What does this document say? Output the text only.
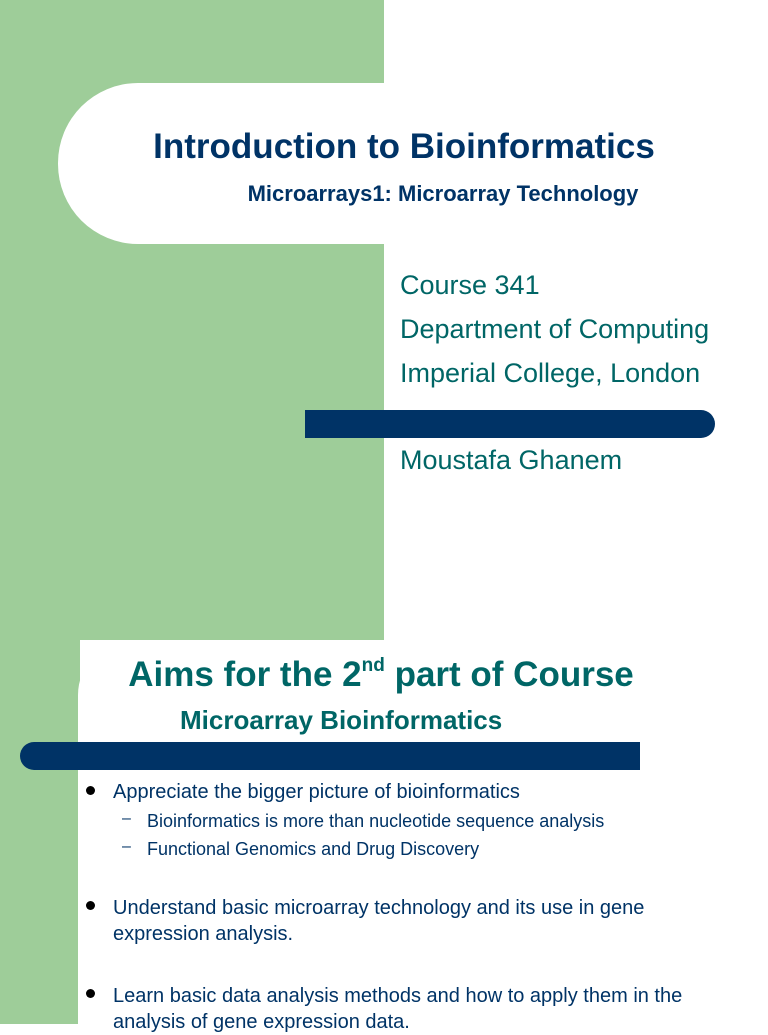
Introduction to Bioinformatics
Microarrays1: Microarray Technology
Course 341
Department of Computing
Imperial College, London
Moustafa Ghanem
Aims for the 2nd part of Course
Microarray Bioinformatics
Appreciate the bigger picture of bioinformatics
– Bioinformatics is more than nucleotide sequence analysis
– Functional Genomics and Drug Discovery
Understand basic microarray technology and its use in gene
expression analysis.
Learn basic data analysis methods and how to apply them in the
analysis of gene expression data.
